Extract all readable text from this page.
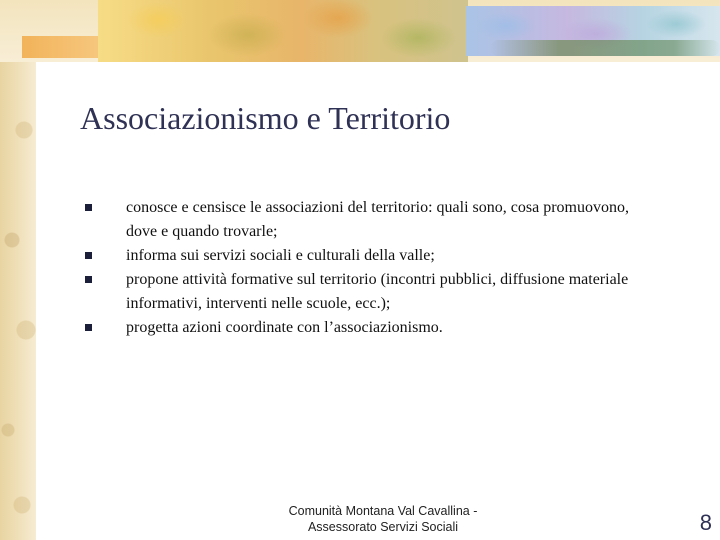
Associazionismo e Territorio
conosce e censisce le associazioni del territorio: quali sono, cosa promuovono, dove e quando trovarle;
informa sui servizi sociali e culturali della valle;
propone attività formative sul territorio (incontri pubblici, diffusione materiale informativi, interventi nelle scuole, ecc.);
progetta azioni coordinate con l’associazionismo.
Comunità Montana Val Cavallina -
Assessorato Servizi Sociali	8
